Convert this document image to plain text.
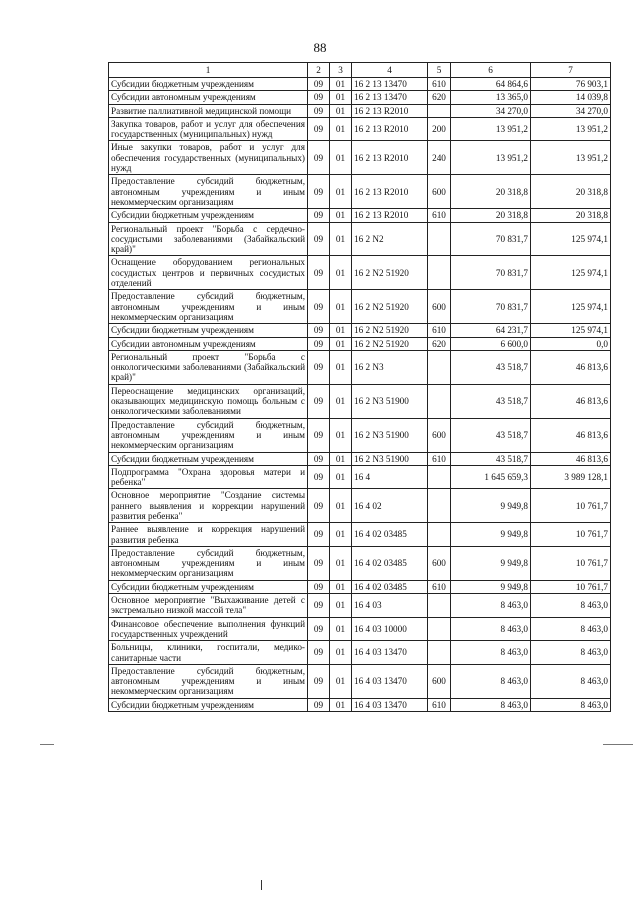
88
1	2	3	4	5	6	7
Субсидии бюджетным учреждениям	09	01	16 2 13 13470	610	64 864,6	76 903,1
Субсидии автономным учреждениям	09	01	16 2 13 13470	620	13 365,0	14 039,8
Развитие паллиативной медицинской помощи	09	01	16 2 13 R2010		34 270,0	34 270,0
Закупка товаров, работ и услуг для обеспечения государственных (муниципальных) нужд	09	01	16 2 13 R2010	200	13 951,2	13 951,2
Иные закупки товаров, работ и услуг для обеспечения государственных (муниципальных) нужд	09	01	16 2 13 R2010	240	13 951,2	13 951,2
Предоставление субсидий бюджетным, автономным учреждениям и иным некоммерческим организациям	09	01	16 2 13 R2010	600	20 318,8	20 318,8
Субсидии бюджетным учреждениям	09	01	16 2 13 R2010	610	20 318,8	20 318,8
Региональный проект "Борьба с сердечно-сосудистыми заболеваниями (Забайкальский край)"	09	01	16 2 N2		70 831,7	125 974,1
Оснащение оборудованием региональных сосудистых центров и первичных сосудистых отделений	09	01	16 2 N2 51920		70 831,7	125 974,1
Предоставление субсидий бюджетным, автономным учреждениям и иным некоммерческим организациям	09	01	16 2 N2 51920	600	70 831,7	125 974,1
Субсидии бюджетным учреждениям	09	01	16 2 N2 51920	610	64 231,7	125 974,1
Субсидии автономным учреждениям	09	01	16 2 N2 51920	620	6 600,0	0,0
Региональный проект "Борьба с онкологическими заболеваниями (Забайкальский край)"	09	01	16 2 N3		43 518,7	46 813,6
Переоснащение медицинских организаций, оказывающих медицинскую помощь больным с онкологическими заболеваниями	09	01	16 2 N3 51900		43 518,7	46 813,6
Предоставление субсидий бюджетным, автономным учреждениям и иным некоммерческим организациям	09	01	16 2 N3 51900	600	43 518,7	46 813,6
Субсидии бюджетным учреждениям	09	01	16 2 N3 51900	610	43 518,7	46 813,6
Подпрограмма "Охрана здоровья матери и ребенка"	09	01	16 4		1 645 659,3	3 989 128,1
Основное мероприятие "Создание системы раннего выявления и коррекции нарушений развития ребенка"	09	01	16 4 02		9 949,8	10 761,7
Раннее выявление и коррекция нарушений развития ребенка	09	01	16 4 02 03485		9 949,8	10 761,7
Предоставление субсидий бюджетным, автономным учреждениям и иным некоммерческим организациям	09	01	16 4 02 03485	600	9 949,8	10 761,7
Субсидии бюджетным учреждениям	09	01	16 4 02 03485	610	9 949,8	10 761,7
Основное мероприятие "Выхаживание детей с экстремально низкой массой тела"	09	01	16 4 03		8 463,0	8 463,0
Финансовое обеспечение выполнения функций государственных учреждений	09	01	16 4 03 10000		8 463,0	8 463,0
Больницы, клиники, госпитали, медико-санитарные части	09	01	16 4 03 13470		8 463,0	8 463,0
Предоставление субсидий бюджетным, автономным учреждениям и иным некоммерческим организациям	09	01	16 4 03 13470	600	8 463,0	8 463,0
Субсидии бюджетным учреждениям	09	01	16 4 03 13470	610	8 463,0	8 463,0
